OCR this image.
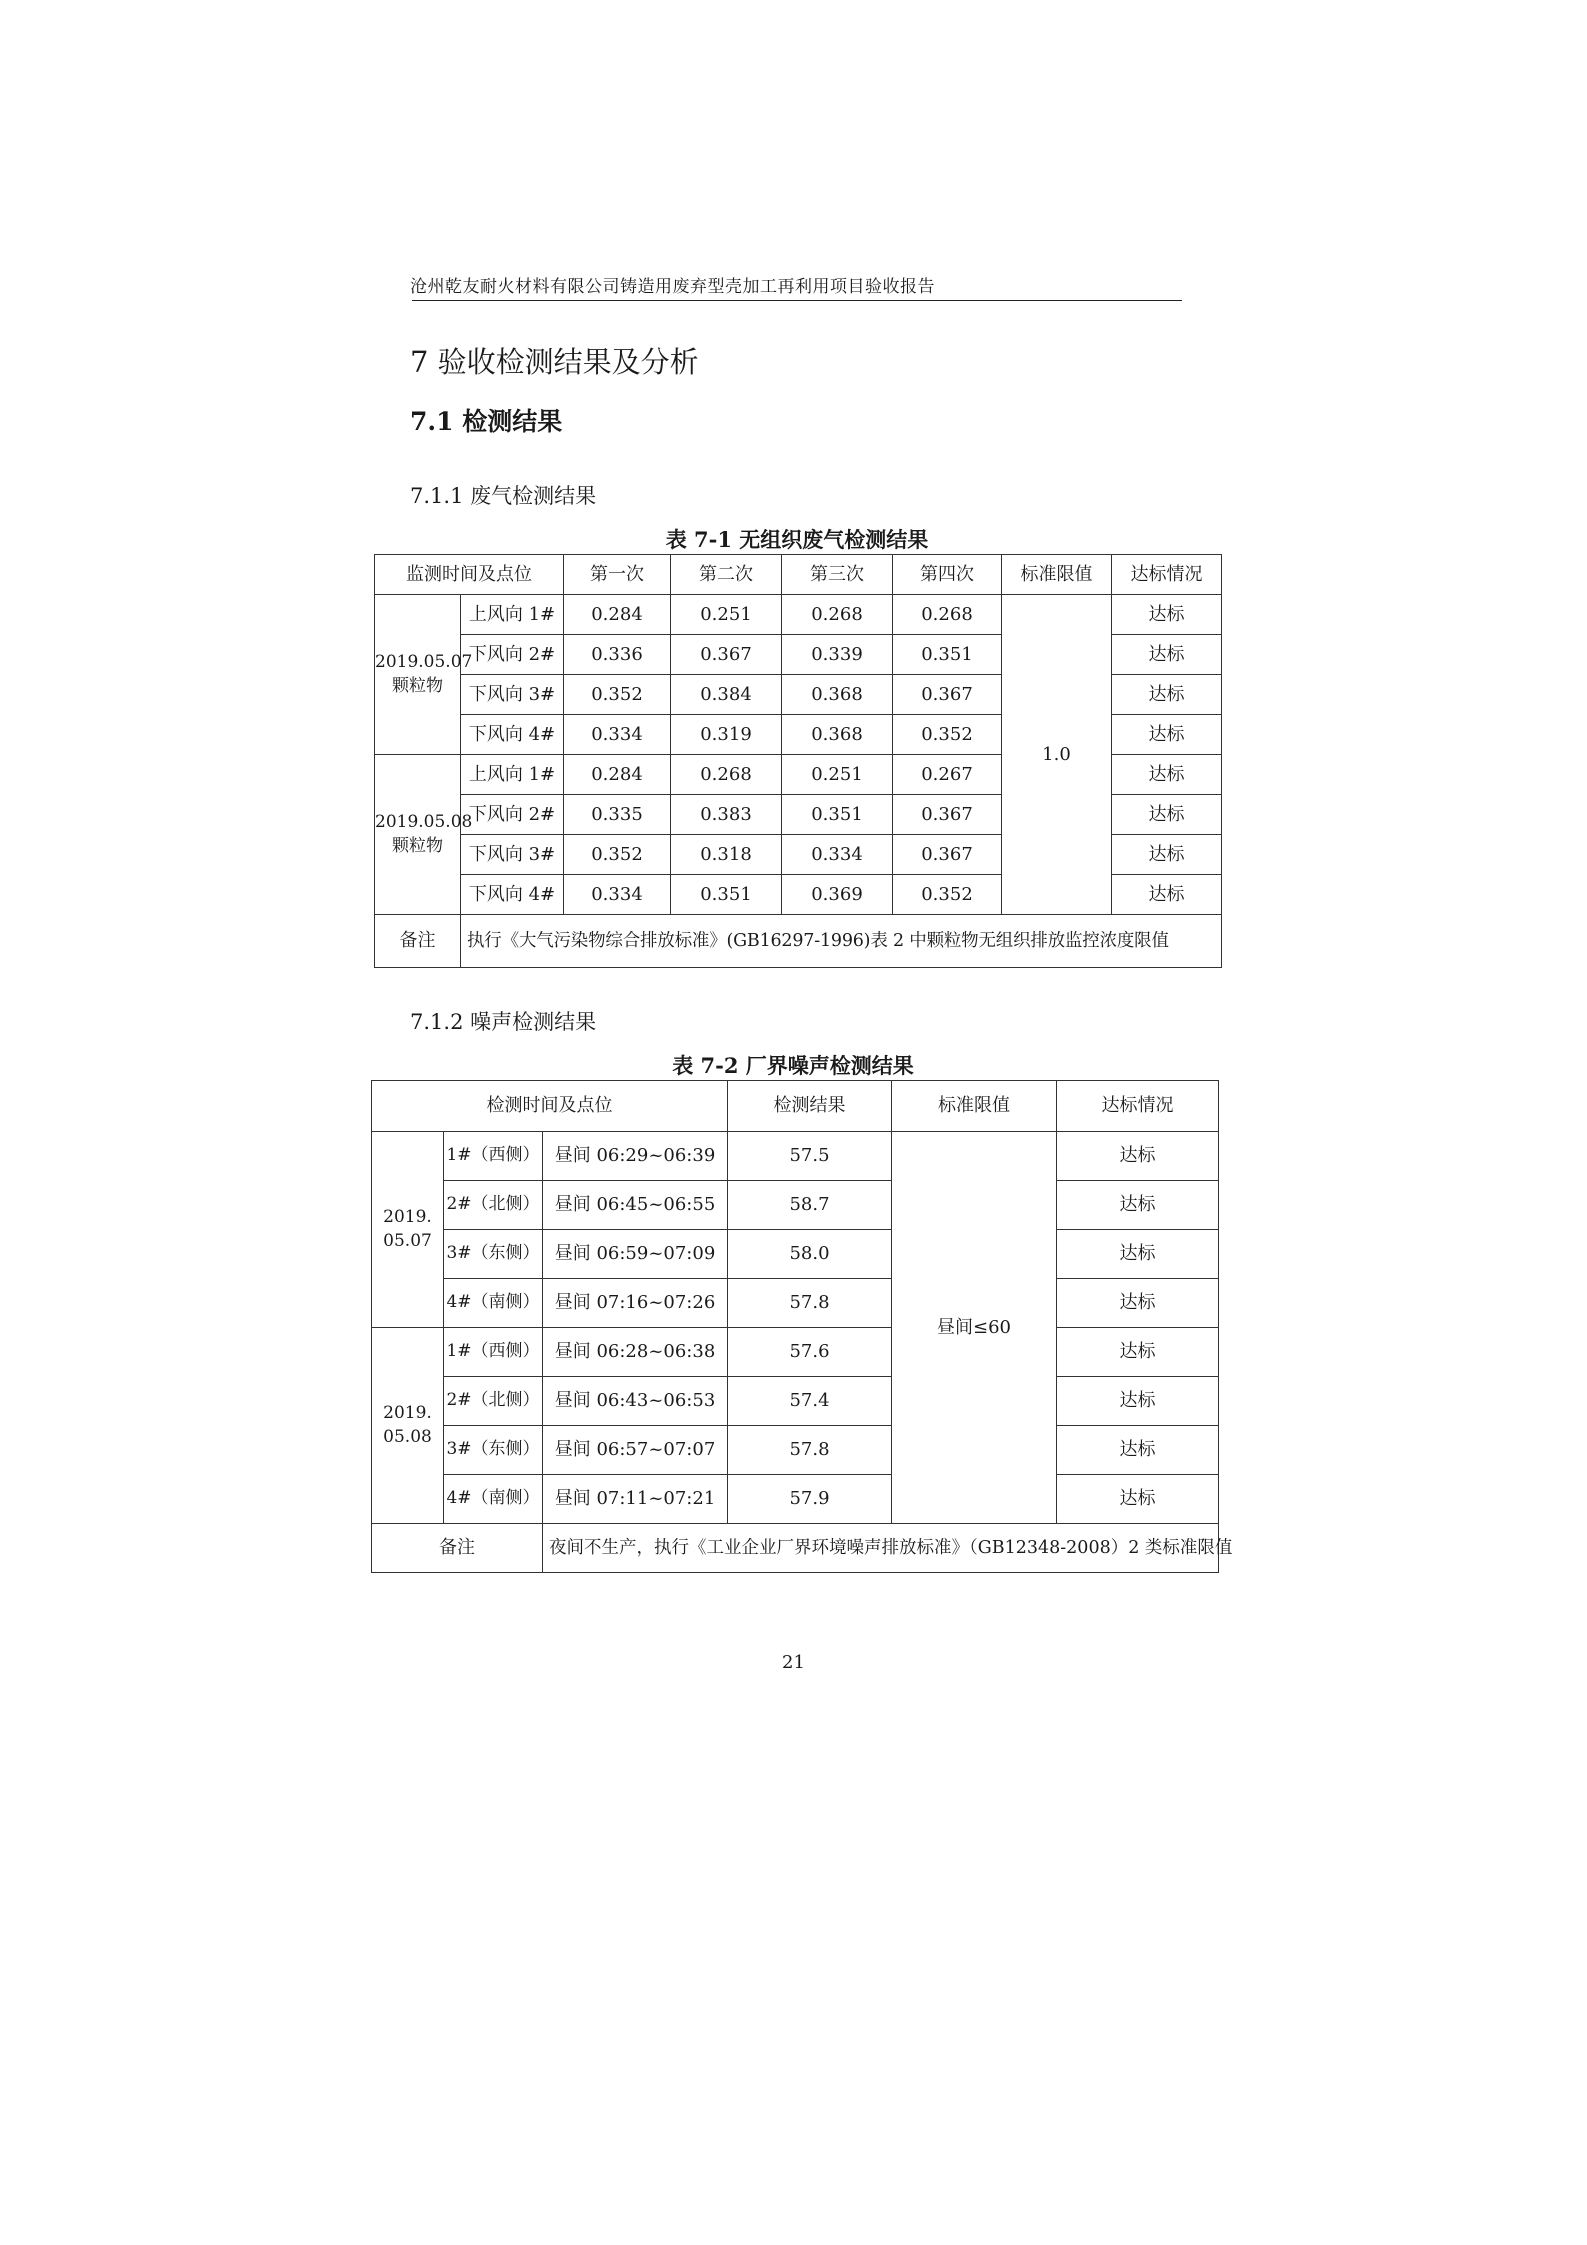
沧州乾友耐火材料有限公司铸造用废弃型壳加工再利用项目验收报告
7 验收检测结果及分析
7.1 检测结果
7.1.1 废气检测结果
表 7-1 无组织废气检测结果
监测时间及点位		第一次	第二次	第三次	第四次	标准限值	达标情况
2019.05.07
颗粒物	上风向 1#	0.284	0.251	0.268	0.268	1.0	达标
	下风向 2#	0.336	0.367	0.339	0.351		达标
	下风向 3#	0.352	0.384	0.368	0.367		达标
	下风向 4#	0.334	0.319	0.368	0.352		达标
2019.05.08
颗粒物	上风向 1#	0.284	0.268	0.251	0.267		达标
	下风向 2#	0.335	0.383	0.351	0.367		达标
	下风向 3#	0.352	0.318	0.334	0.367		达标
	下风向 4#	0.334	0.351	0.369	0.352		达标
备注	执行《大气污染物综合排放标准》(GB16297-1996)表 2 中颗粒物无组织排放监控浓度限值						
7.1.2 噪声检测结果
表 7-2 厂界噪声检测结果
检测时间及点位			检测结果	标准限值	达标情况
2019.
05.07	1#（西侧）	昼间 06:29~06:39	57.5	昼间≤60	达标
	2#（北侧）	昼间 06:45~06:55	58.7		达标
	3#（东侧）	昼间 06:59~07:09	58.0		达标
	4#（南侧）	昼间 07:16~07:26	57.8		达标
2019.
05.08	1#（西侧）	昼间 06:28~06:38	57.6		达标
	2#（北侧）	昼间 06:43~06:53	57.4		达标
	3#（东侧）	昼间 06:57~07:07	57.8		达标
	4#（南侧）	昼间 07:11~07:21	57.9		达标
备注		夜间不生产，执行《工业企业厂界环境噪声排放标准》（GB12348-2008）2 类标准限值			
21
